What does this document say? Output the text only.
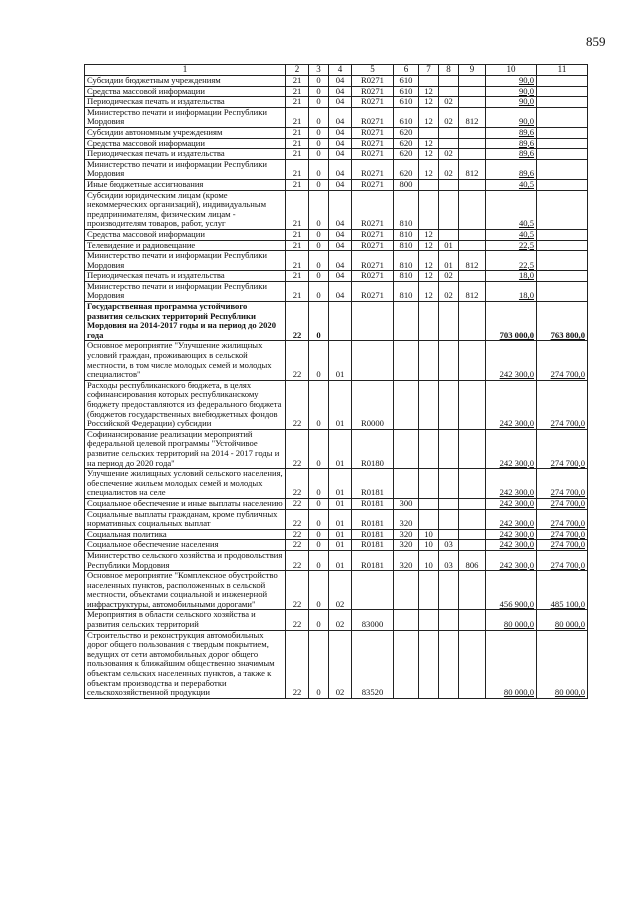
859
1	2	3	4	5	6	7	8	9	10	11
Субсидии бюджетным учреждениям	21	0	04	R0271	610				90,0	
Средства массовой информации	21	0	04	R0271	610	12			90,0	
Периодическая печать и издательства	21	0	04	R0271	610	12	02		90,0	
Министерство печати и информации Республики Мордовия	21	0	04	R0271	610	12	02	812	90,0	
Субсидии автономным учреждениям	21	0	04	R0271	620				89,6	
Средства массовой информации	21	0	04	R0271	620	12			89,6	
Периодическая печать и издательства	21	0	04	R0271	620	12	02		89,6	
Министерство печати и информации Республики Мордовия	21	0	04	R0271	620	12	02	812	89,6	
Иные бюджетные ассигнования	21	0	04	R0271	800				40,5	
Субсидии юридическим лицам (кроме некоммерческих организаций), индивидуальным предпринимателям, физическим лицам - производителям товаров, работ, услуг	21	0	04	R0271	810				40,5	
Средства массовой информации	21	0	04	R0271	810	12			40,5	
Телевидение и радиовещание	21	0	04	R0271	810	12	01		22,5	
Министерство печати и информации Республики Мордовия	21	0	04	R0271	810	12	01	812	22,5	
Периодическая печать и издательства	21	0	04	R0271	810	12	02		18,0	
Министерство печати и информации Республики Мордовия	21	0	04	R0271	810	12	02	812	18,0	
Государственная программа устойчивого развития сельских территорий Республики Мордовия на 2014-2017 годы и на период до 2020 года	22	0							703 000,0	763 800,0
Основное мероприятие "Улучшение жилищных условий граждан, проживающих в сельской местности, в том числе молодых семей и молодых специалистов"	22	0	01						242 300,0	274 700,0
Расходы республиканского бюджета, в целях софинансирования которых республиканскому бюджету предоставляются из федерального бюджета (бюджетов государственных внебюджетных фондов Российской Федерации) субсидии	22	0	01	R0000					242 300,0	274 700,0
Софинансирование реализации мероприятий федеральной целевой программы "Устойчивое развитие сельских территорий на 2014 - 2017 годы и на период до 2020 года"	22	0	01	R0180					242 300,0	274 700,0
Улучшение жилищных условий сельского населения, обеспечение жильем молодых семей и молодых специалистов на селе	22	0	01	R0181					242 300,0	274 700,0
Социальное обеспечение и иные выплаты населению	22	0	01	R0181	300				242 300,0	274 700,0
Социальные выплаты гражданам, кроме публичных нормативных социальных выплат	22	0	01	R0181	320				242 300,0	274 700,0
Социальная политика	22	0	01	R0181	320	10			242 300,0	274 700,0
Социальное обеспечение населения	22	0	01	R0181	320	10	03		242 300,0	274 700,0
Министерство сельского хозяйства и продовольствия Республики Мордовия	22	0	01	R0181	320	10	03	806	242 300,0	274 700,0
Основное мероприятие "Комплексное обустройство населенных пунктов, расположенных в сельской местности, объектами социальной и инженерной инфраструктуры, автомобильными дорогами"	22	0	02						456 900,0	485 100,0
Мероприятия в области сельского хозяйства и развития сельских территорий	22	0	02	83000					80 000,0	80 000,0
Строительство и реконструкция автомобильных дорог общего пользования с твердым покрытием, ведущих от сети автомобильных дорог общего пользования к ближайшим общественно значимым объектам сельских населенных пунктов, а также к объектам производства и переработки сельскохозяйственной продукции	22	0	02	83520					80 000,0	80 000,0
